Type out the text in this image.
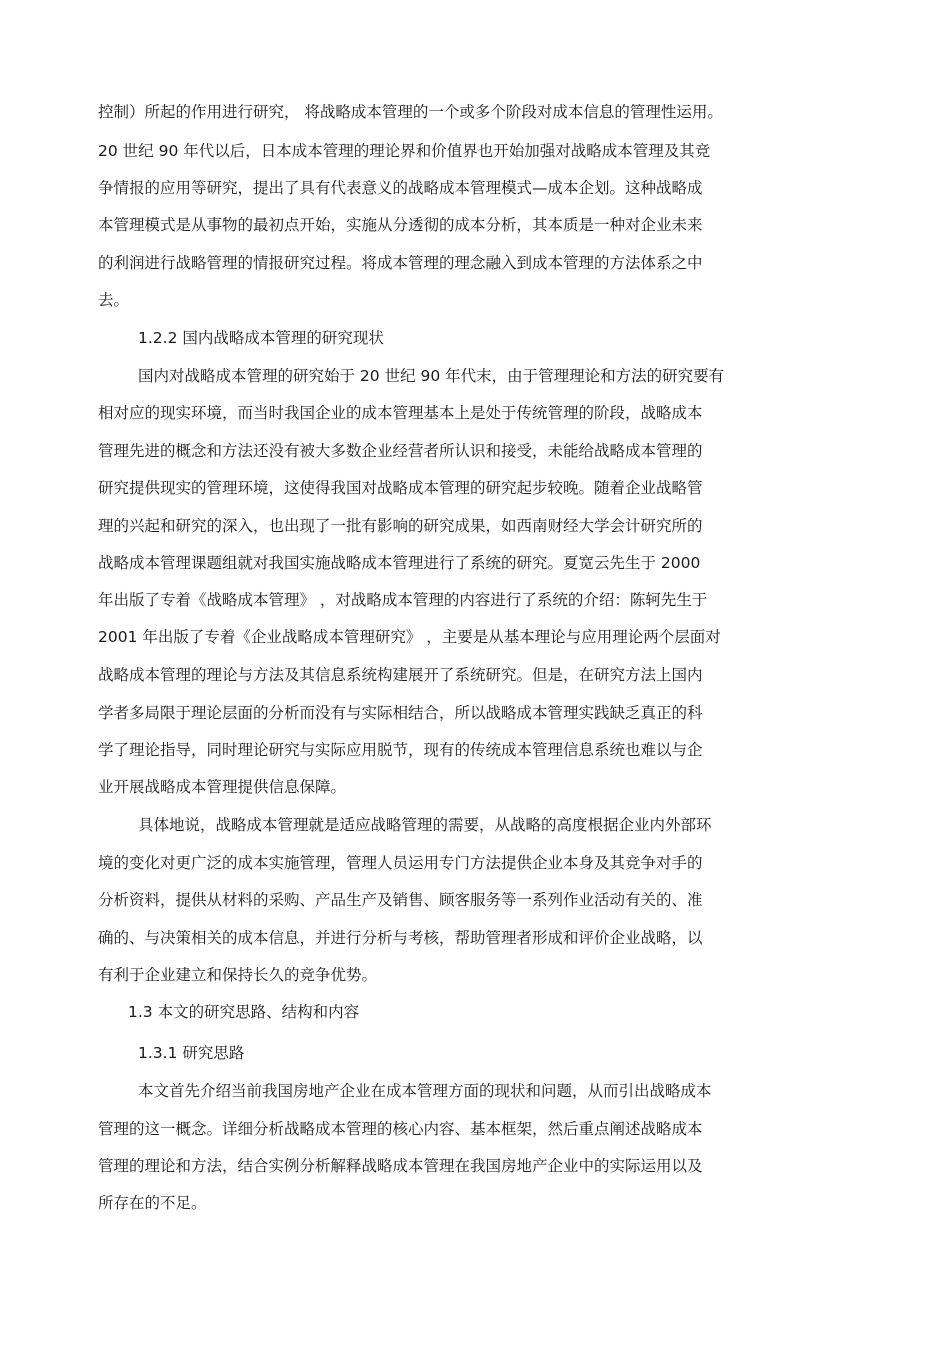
控制）所起的作用进行研究， 将战略成本管理的一个或多个阶段对成本信息的管理性运用。
20 世纪 90 年代以后，日本成本管理的理论界和价值界也开始加强对战略成本管理及其竞
争情报的应用等研究，提出了具有代表意义的战略成本管理模式—成本企划。这种战略成
本管理模式是从事物的最初点开始，实施从分透彻的成本分析，其本质是一种对企业未来
的利润进行战略管理的情报研究过程。将成本管理的理念融入到成本管理的方法体系之中
去。
1.2.2 国内战略成本管理的研究现状
国内对战略成本管理的研究始于 20 世纪 90 年代末，由于管理理论和方法的研究要有
相对应的现实环境，而当时我国企业的成本管理基本上是处于传统管理的阶段，战略成本
管理先进的概念和方法还没有被大多数企业经营者所认识和接受，未能给战略成本管理的
研究提供现实的管理环境，这使得我国对战略成本管理的研究起步较晚。随着企业战略管
理的兴起和研究的深入，也出现了一批有影响的研究成果，如西南财经大学会计研究所的
战略成本管理课题组就对我国实施战略成本管理进行了系统的研究。夏宽云先生于 2000
年出版了专着《战略成本管理》 ，对战略成本管理的内容进行了系统的介绍：陈轲先生于
2001 年出版了专着《企业战略成本管理研究》 ，主要是从基本理论与应用理论两个层面对
战略成本管理的理论与方法及其信息系统构建展开了系统研究。但是，在研究方法上国内
学者多局限于理论层面的分析而没有与实际相结合，所以战略成本管理实践缺乏真正的科
学了理论指导，同时理论研究与实际应用脱节，现有的传统成本管理信息系统也难以与企
业开展战略成本管理提供信息保障。
具体地说，战略成本管理就是适应战略管理的需要，从战略的高度根据企业内外部环
境的变化对更广泛的成本实施管理，管理人员运用专门方法提供企业本身及其竞争对手的
分析资料，提供从材料的采购、产品生产及销售、顾客服务等一系列作业活动有关的、准
确的、与决策相关的成本信息，并进行分析与考核，帮助管理者形成和评价企业战略，以
有利于企业建立和保持长久的竞争优势。
1.3 本文的研究思路、结构和内容
1.3.1 研究思路
本文首先介绍当前我国房地产企业在成本管理方面的现状和问题，从而引出战略成本
管理的这一概念。详细分析战略成本管理的核心内容、基本框架，然后重点阐述战略成本
管理的理论和方法，结合实例分析解释战略成本管理在我国房地产企业中的实际运用以及
所存在的不足。
